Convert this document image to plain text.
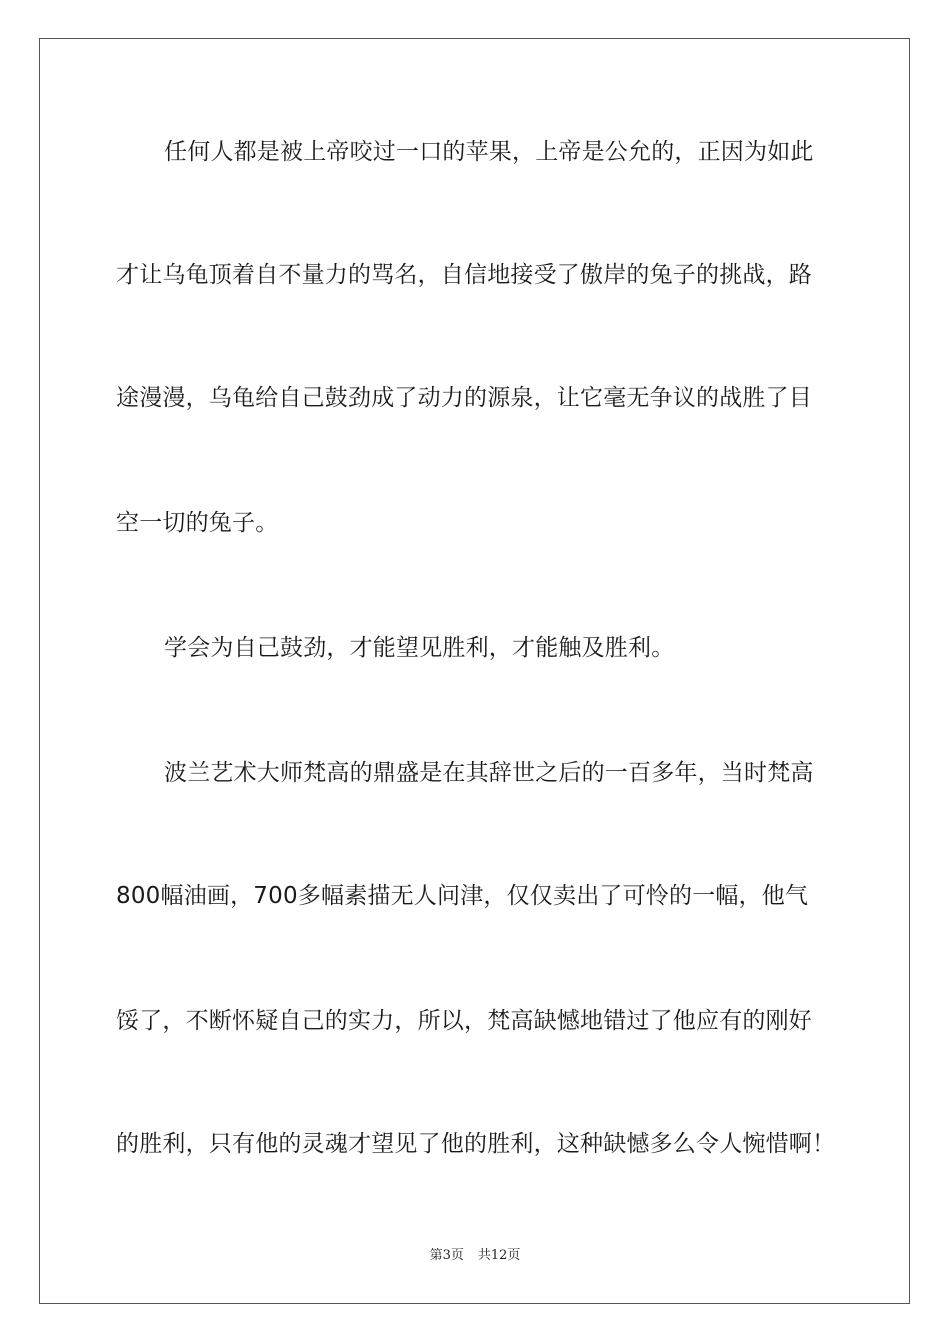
任何人都是被上帝咬过一口的苹果，上帝是公允的，正因为如此
才让乌龟顶着自不量力的骂名，自信地接受了傲岸的兔子的挑战，路
途漫漫，乌龟给自己鼓劲成了动力的源泉，让它毫无争议的战胜了目
空一切的兔子。
学会为自己鼓劲，才能望见胜利，才能触及胜利。
波兰艺术大师梵高的鼎盛是在其辞世之后的一百多年，当时梵高
800幅油画，700多幅素描无人问津，仅仅卖出了可怜的一幅，他气
馁了，不断怀疑自己的实力，所以，梵高缺憾地错过了他应有的刚好
的胜利，只有他的灵魂才望见了他的胜利，这种缺憾多么令人惋惜啊！
第3页 共12页
